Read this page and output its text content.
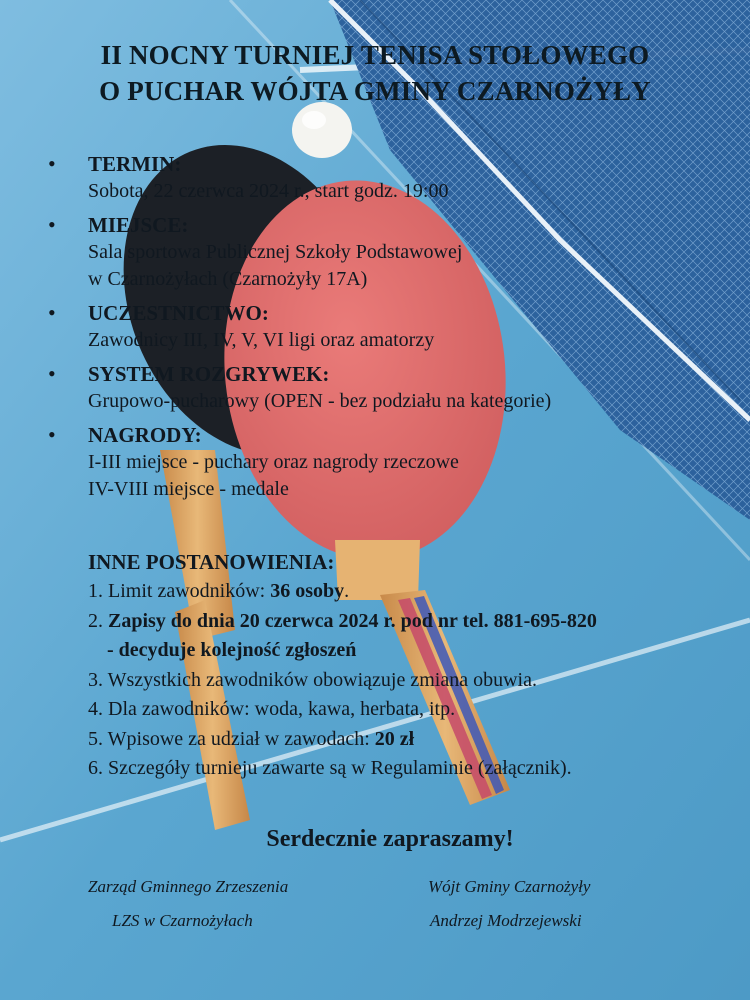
II NOCNY TURNIEJ TENISA STOŁOWEGO
O PUCHAR WÓJTA GMINY CZARNOŻYŁY
• TERMIN:
Sobota, 22 czerwca 2024 r., start godz. 19:00
• MIEJSCE:
Sala sportowa Publicznej Szkoły Podstawowej
w Czarnożyłach (Czarnożyły 17A)
• UCZESTNICTWO:
Zawodnicy III, IV, V, VI ligi oraz amatorzy
• SYSTEM ROZGRYWEK:
Grupowo-pucharowy (OPEN - bez podziału na kategorie)
• NAGRODY:
I-III miejsce - puchary oraz nagrody rzeczowe
IV-VIII miejsce - medale
INNE POSTANOWIENIA:
1. Limit zawodników: 36 osoby.
2. Zapisy do dnia 20 czerwca 2024 r. pod nr tel. 881-695-820
- decyduje kolejność zgłoszeń
3. Wszystkich zawodników obowiązuje zmiana obuwia.
4. Dla zawodników: woda, kawa, herbata, itp.
5. Wpisowe za udział w zawodach: 20 zł
6. Szczegóły turnieju zawarte są w Regulaminie (załącznik).
Serdecznie zapraszamy!
Zarząd Gminnego Zrzeszenia
LZS w Czarnożyłach
Wójt Gminy Czarnożyły
Andrzej Modrzejewski
